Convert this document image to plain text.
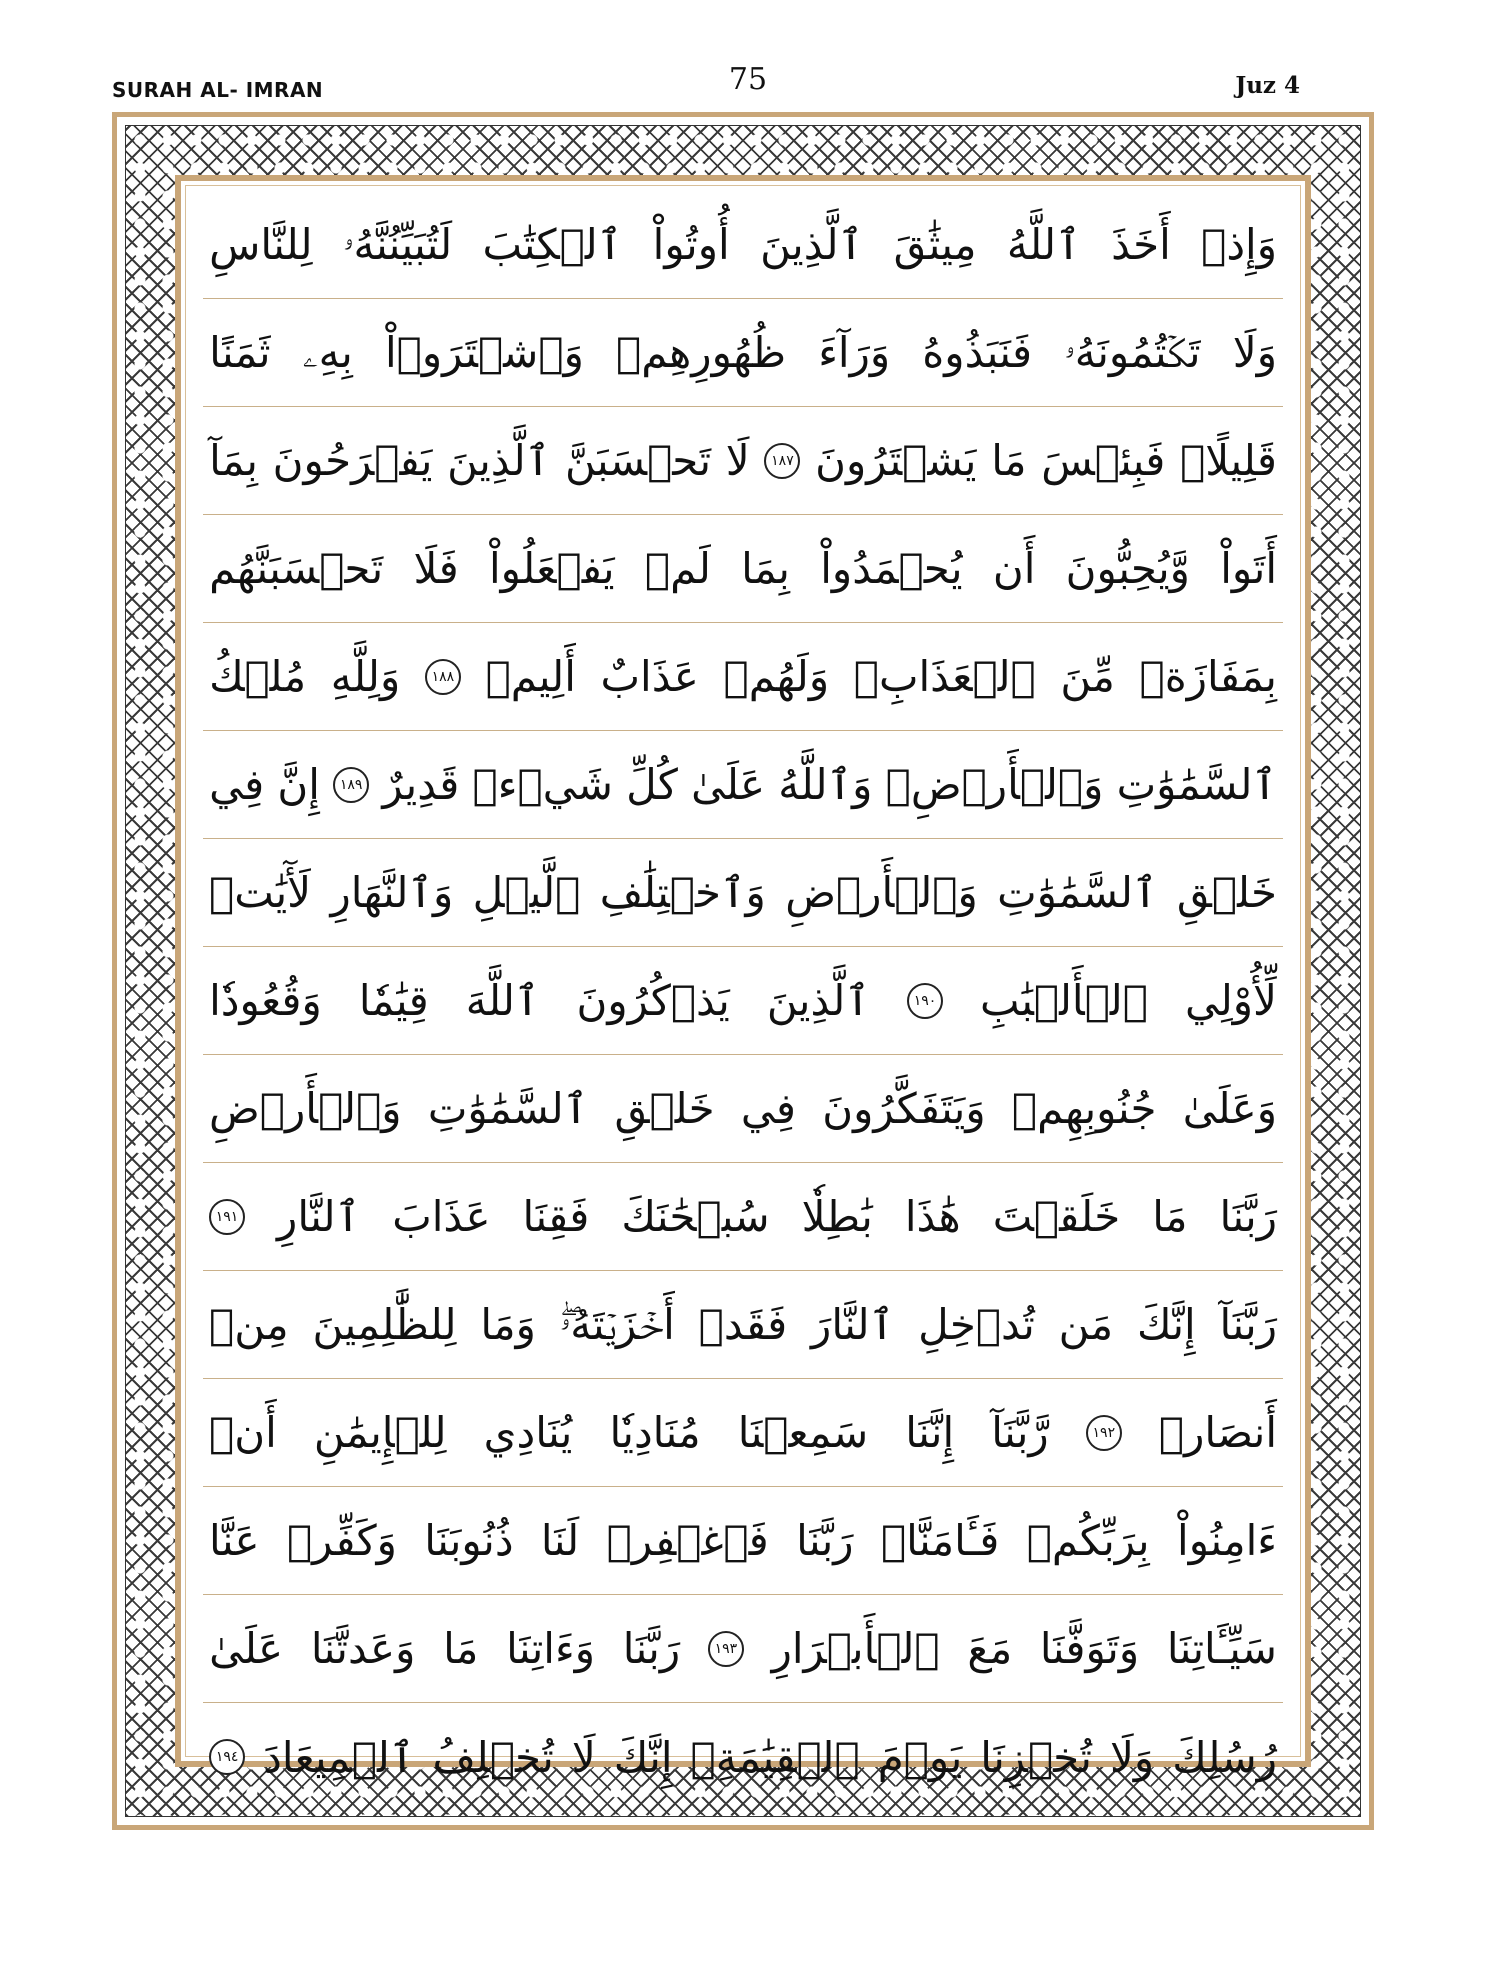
SURAH AL- IMRAN	75	Juz 4
وَإِذۡ
أَخَذَ
ٱللَّهُ
مِيثَٰقَ
ٱلَّذِينَ
أُوتُواْ
ٱلۡكِتَٰبَ
لَتُبَيِّنُنَّهُۥ
لِلنَّاسِ
وَلَا
تَكۡتُمُونَهُۥ
فَنَبَذُوهُ
وَرَآءَ
ظُهُورِهِمۡ
وَٱشۡتَرَوۡاْ
بِهِۦ
ثَمَنًا
قَلِيلًاۖ
فَبِئۡسَ
مَا
يَشۡتَرُونَ
١٨٧
لَا
تَحۡسَبَنَّ
ٱلَّذِينَ
يَفۡرَحُونَ
بِمَآ
أَتَواْ
وَّيُحِبُّونَ
أَن
يُحۡمَدُواْ
بِمَا
لَمۡ
يَفۡعَلُواْ
فَلَا
تَحۡسَبَنَّهُم
بِمَفَازَةٖ
مِّنَ
ٱلۡعَذَابِۖ
وَلَهُمۡ
عَذَابٌ
أَلِيمٞ
١٨٨
وَلِلَّهِ
مُلۡكُ
ٱلسَّمَٰوَٰتِ
وَٱلۡأَرۡضِۗ
وَٱللَّهُ
عَلَىٰ
كُلِّ
شَيۡءٖ
قَدِيرٌ
١٨٩
إِنَّ
فِي
خَلۡقِ
ٱلسَّمَٰوَٰتِ
وَٱلۡأَرۡضِ
وَٱخۡتِلَٰفِ
ٱلَّيۡلِ
وَٱلنَّهَارِ
لَأٓيَٰتٖ
لِّأُوْلِي
ٱلۡأَلۡبَٰبِ
١٩٠
ٱلَّذِينَ
يَذۡكُرُونَ
ٱللَّهَ
قِيَٰمٗا
وَقُعُودٗا
وَعَلَىٰ
جُنُوبِهِمۡ
وَيَتَفَكَّرُونَ
فِي
خَلۡقِ
ٱلسَّمَٰوَٰتِ
وَٱلۡأَرۡضِ
رَبَّنَا
مَا
خَلَقۡتَ
هَٰذَا
بَٰطِلٗا
سُبۡحَٰنَكَ
فَقِنَا
عَذَابَ
ٱلنَّارِ
١٩١
رَبَّنَآ
إِنَّكَ
مَن
تُدۡخِلِ
ٱلنَّارَ
فَقَدۡ
أَخۡزَيۡتَهُۥۖ
وَمَا
لِلظَّٰلِمِينَ
مِنۡ
أَنصَارٖ
١٩٢
رَّبَّنَآ
إِنَّنَا
سَمِعۡنَا
مُنَادِيٗا
يُنَادِي
لِلۡإِيمَٰنِ
أَنۡ
ءَامِنُواْ
بِرَبِّكُمۡ
فَـَٔامَنَّاۚ
رَبَّنَا
فَٱغۡفِرۡ
لَنَا
ذُنُوبَنَا
وَكَفِّرۡ
عَنَّا
سَيِّـَٔاتِنَا
وَتَوَفَّنَا
مَعَ
ٱلۡأَبۡرَارِ
١٩٣
رَبَّنَا
وَءَاتِنَا
مَا
وَعَدتَّنَا
عَلَىٰ
رُسُلِكَ
وَلَا
تُخۡزِنَا
يَوۡمَ
ٱلۡقِيَٰمَةِۖ
إِنَّكَ
لَا
تُخۡلِفُ
ٱلۡمِيعَادَ
١٩٤
